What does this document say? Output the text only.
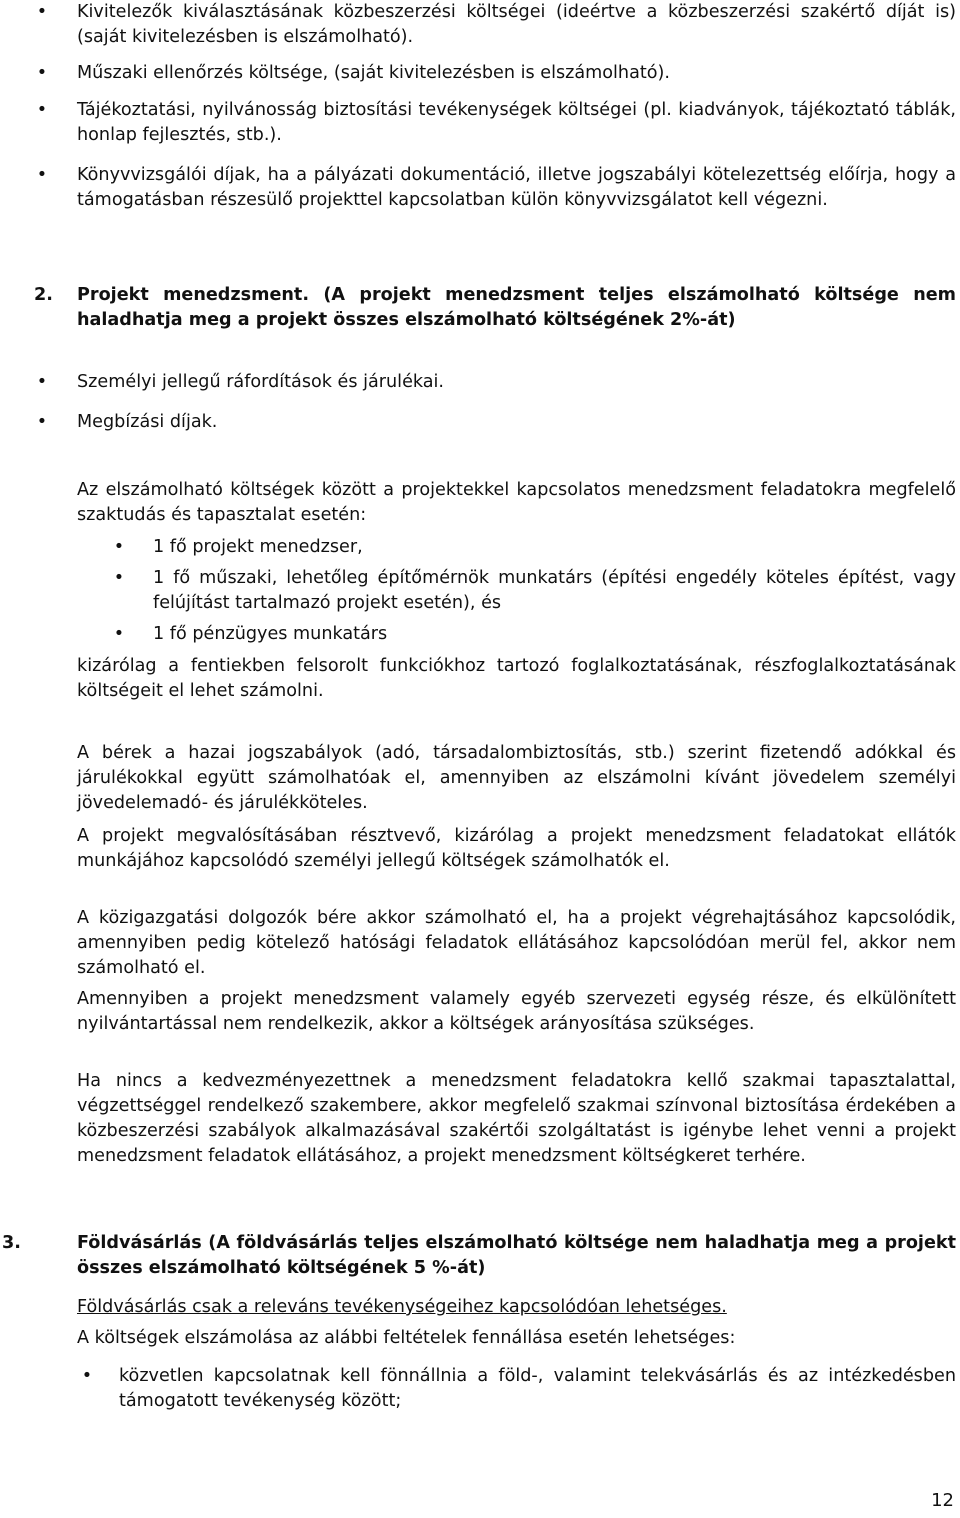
• Kivitelezők kiválasztásának közbeszerzési költségei (ideértve a közbeszerzési szakértő díját is) (saját kivitelezésben is elszámolható).

• Műszaki ellenőrzés költsége, (saját kivitelezésben is elszámolható).

• Tájékoztatási, nyilvánosság biztosítási tevékenységek költségei (pl. kiadványok, tájékoztató táblák, honlap fejlesztés, stb.).

• Könyvvizsgálói díjak, ha a pályázati dokumentáció, illetve jogszabályi kötelezettség előírja, hogy a támogatásban részesülő projekttel kapcsolatban külön könyvvizsgálatot kell végezni.

2. Projekt menedzsment. (A projekt menedzsment teljes elszámolható költsége nem haladhatja meg a projekt összes elszámolható költségének 2%-át)

• Személyi jellegű ráfordítások és járulékai.

• Megbízási díjak.

Az elszámolható költségek között a projektekkel kapcsolatos menedzsment feladatokra megfelelő szaktudás és tapasztalat esetén:

• 1 fő projekt menedzser,

• 1 fő műszaki, lehetőleg építőmérnök munkatárs (építési engedély köteles építést, vagy felújítást tartalmazó projekt esetén), és

• 1 fő pénzügyes munkatárs

kizárólag a fentiekben felsorolt funkciókhoz tartozó foglalkoztatásának, részfoglalkoztatásának költségeit el lehet számolni.

A bérek a hazai jogszabályok (adó, társadalombiztosítás, stb.) szerint fizetendő adókkal és járulékokkal együtt számolhatóak el, amennyiben az elszámolni kívánt jövedelem személyi jövedelemadó- és járulékköteles.

A projekt megvalósításában résztvevő, kizárólag a projekt menedzsment feladatokat ellátók munkájához kapcsolódó személyi jellegű költségek számolhatók el.

A közigazgatási dolgozók bére akkor számolható el, ha a projekt végrehajtásához kapcsolódik, amennyiben pedig kötelező hatósági feladatok ellátásához kapcsolódóan merül fel, akkor nem számolható el.

Amennyiben a projekt menedzsment valamely egyéb szervezeti egység része, és elkülönített nyilvántartással nem rendelkezik, akkor a költségek arányosítása szükséges.

Ha nincs a kedvezményezettnek a menedzsment feladatokra kellő szakmai tapasztalattal, végzettséggel rendelkező szakembere, akkor megfelelő szakmai színvonal biztosítása érdekében a közbeszerzési szabályok alkalmazásával szakértői szolgáltatást is igénybe lehet venni a projekt menedzsment feladatok ellátásához, a projekt menedzsment költségkeret terhére.

3.	Földvásárlás (A földvásárlás teljes elszámolható költsége nem haladhatja meg a projekt összes elszámolható költségének 5 %-át)

Földvásárlás csak a releváns tevékenységeihez kapcsolódóan lehetséges.

A költségek elszámolása az alábbi feltételek fennállása esetén lehetséges:

• közvetlen kapcsolatnak kell fönnállnia a föld-, valamint telekvásárlás és az intézkedésben támogatott tevékenység között;

12
